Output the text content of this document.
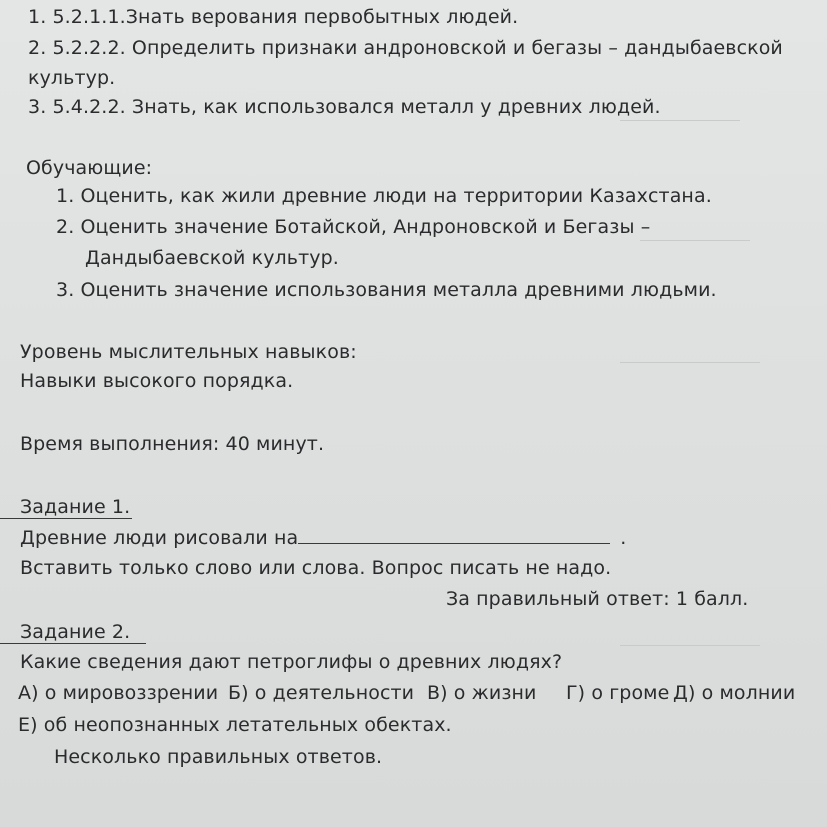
1. 5.2.1.1.Знать верования первобытных людей.
2. 5.2.2.2. Определить признаки андроновской и бегазы – дандыбаевской
культур.
3. 5.4.2.2. Знать, как использовался металл у древних людей.
Обучающие:
1. Оценить, как жили древние люди на территории Казахстана.
2. Оценить значение Ботайской, Андроновской и Бегазы –
Дандыбаевской культур.
3. Оценить значение использования металла древними людьми.
Уровень мыслительных навыков:
Навыки высокого порядка.
Время выполнения: 40 минут.
Задание 1.
Древние люди рисовали на	.
Вставить только слово или слова. Вопрос писать не надо.
За правильный ответ: 1 балл.
Задание 2.
Какие сведения дают петроглифы о древних людях?
А) о мировоззрении Б) о деятельности В) о жизни Г) о громе Д) о молнии
Е) об неопознанных летательных обектах.
Несколько правильных ответов.
